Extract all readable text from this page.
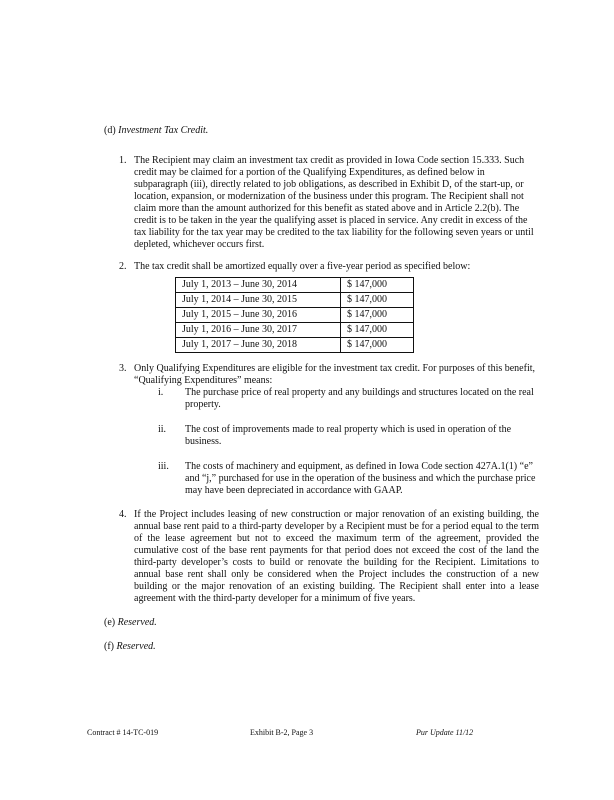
(d) Investment Tax Credit.
1. The Recipient may claim an investment tax credit as provided in Iowa Code section 15.333. Such credit may be claimed for a portion of the Qualifying Expenditures, as defined below in subparagraph (iii), directly related to job obligations, as described in Exhibit D, of the start-up, or location, expansion, or modernization of the business under this program. The Recipient shall not claim more than the amount authorized for this benefit as stated above and in Article 2.2(b). The credit is to be taken in the year the qualifying asset is placed in service. Any credit in excess of the tax liability for the tax year may be credited to the tax liability for the following seven years or until depleted, whichever occurs first.
2. The tax credit shall be amortized equally over a five-year period as specified below:
July 1, 2013 – June 30, 2014	$ 147,000
July 1, 2014 – June 30, 2015	$ 147,000
July 1, 2015 – June 30, 2016	$ 147,000
July 1, 2016 – June 30, 2017	$ 147,000
July 1, 2017 – June 30, 2018	$ 147,000
3. Only Qualifying Expenditures are eligible for the investment tax credit. For purposes of this benefit, “Qualifying Expenditures” means:
i.	The purchase price of real property and any buildings and structures located on the real property.
ii.	The cost of improvements made to real property which is used in operation of the business.
iii.	The costs of machinery and equipment, as defined in Iowa Code section 427A.1(1) “e” and “j,” purchased for use in the operation of the business and which the purchase price may have been depreciated in accordance with GAAP.
4. If the Project includes leasing of new construction or major renovation of an existing building, the annual base rent paid to a third-party developer by a Recipient must be for a period equal to the term of the lease agreement but not to exceed the maximum term of the agreement, provided the cumulative cost of the base rent payments for that period does not exceed the cost of the land the third-party developer’s costs to build or renovate the building for the Recipient. Limitations to annual base rent shall only be considered when the Project includes the construction of a new building or the major renovation of an existing building. The Recipient shall enter into a lease agreement with the third-party developer for a minimum of five years.
(e) Reserved.
(f) Reserved.
Contract # 14-TC-019	Exhibit B-2, Page 3	Pur Update 11/12
